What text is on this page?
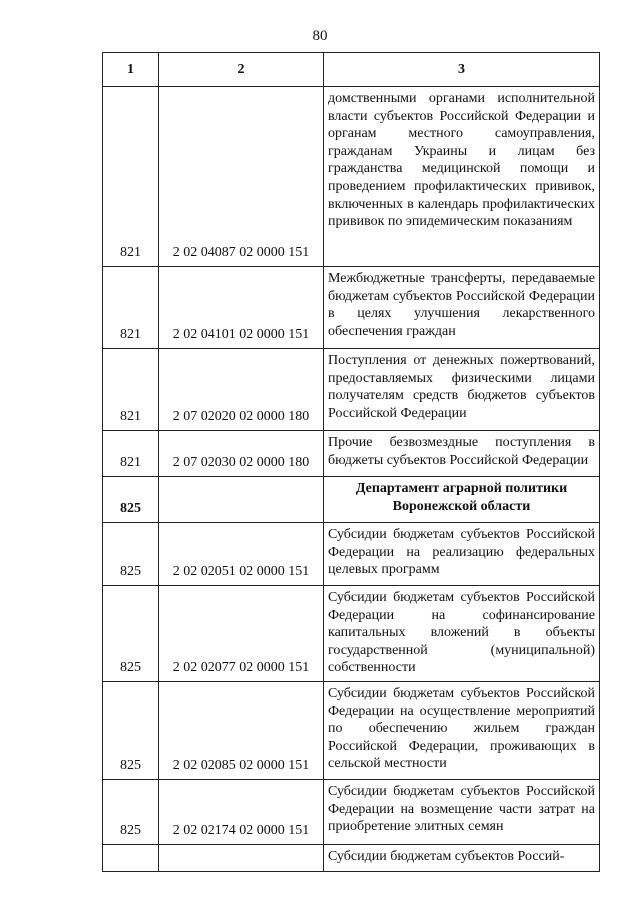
80
1	2	3
821	2 02 04087 02 0000 151	домственными органами исполнительной власти субъектов Российской Федерации и органам местного самоуправления, гражданам Украины и лицам без гражданства медицинской помощи и проведением профилактических прививок, включенных в календарь профилактических прививок по эпидемическим показаниям
821	2 02 04101 02 0000 151	Межбюджетные трансферты, передаваемые бюджетам субъектов Российской Федерации в целях улучшения лекарственного обеспечения граждан
821	2 07 02020 02 0000 180	Поступления от денежных пожертвований, предоставляемых физическими лицами получателям средств бюджетов субъектов Российской Федерации
821	2 07 02030 02 0000 180	Прочие безвозмездные поступления в бюджеты субъектов Российской Федерации
825		Департамент аграрной политики Воронежской области
825	2 02 02051 02 0000 151	Субсидии бюджетам субъектов Российской Федерации на реализацию федеральных целевых программ
825	2 02 02077 02 0000 151	Субсидии бюджетам субъектов Российской Федерации на софинансирование капитальных вложений в объекты государственной (муниципальной) собственности
825	2 02 02085 02 0000 151	Субсидии бюджетам субъектов Российской Федерации на осуществление мероприятий по обеспечению жильем граждан Российской Федерации, проживающих в сельской местности
825	2 02 02174 02 0000 151	Субсидии бюджетам субъектов Российской Федерации на возмещение части затрат на приобретение элитных семян
		Субсидии бюджетам субъектов Россий-
